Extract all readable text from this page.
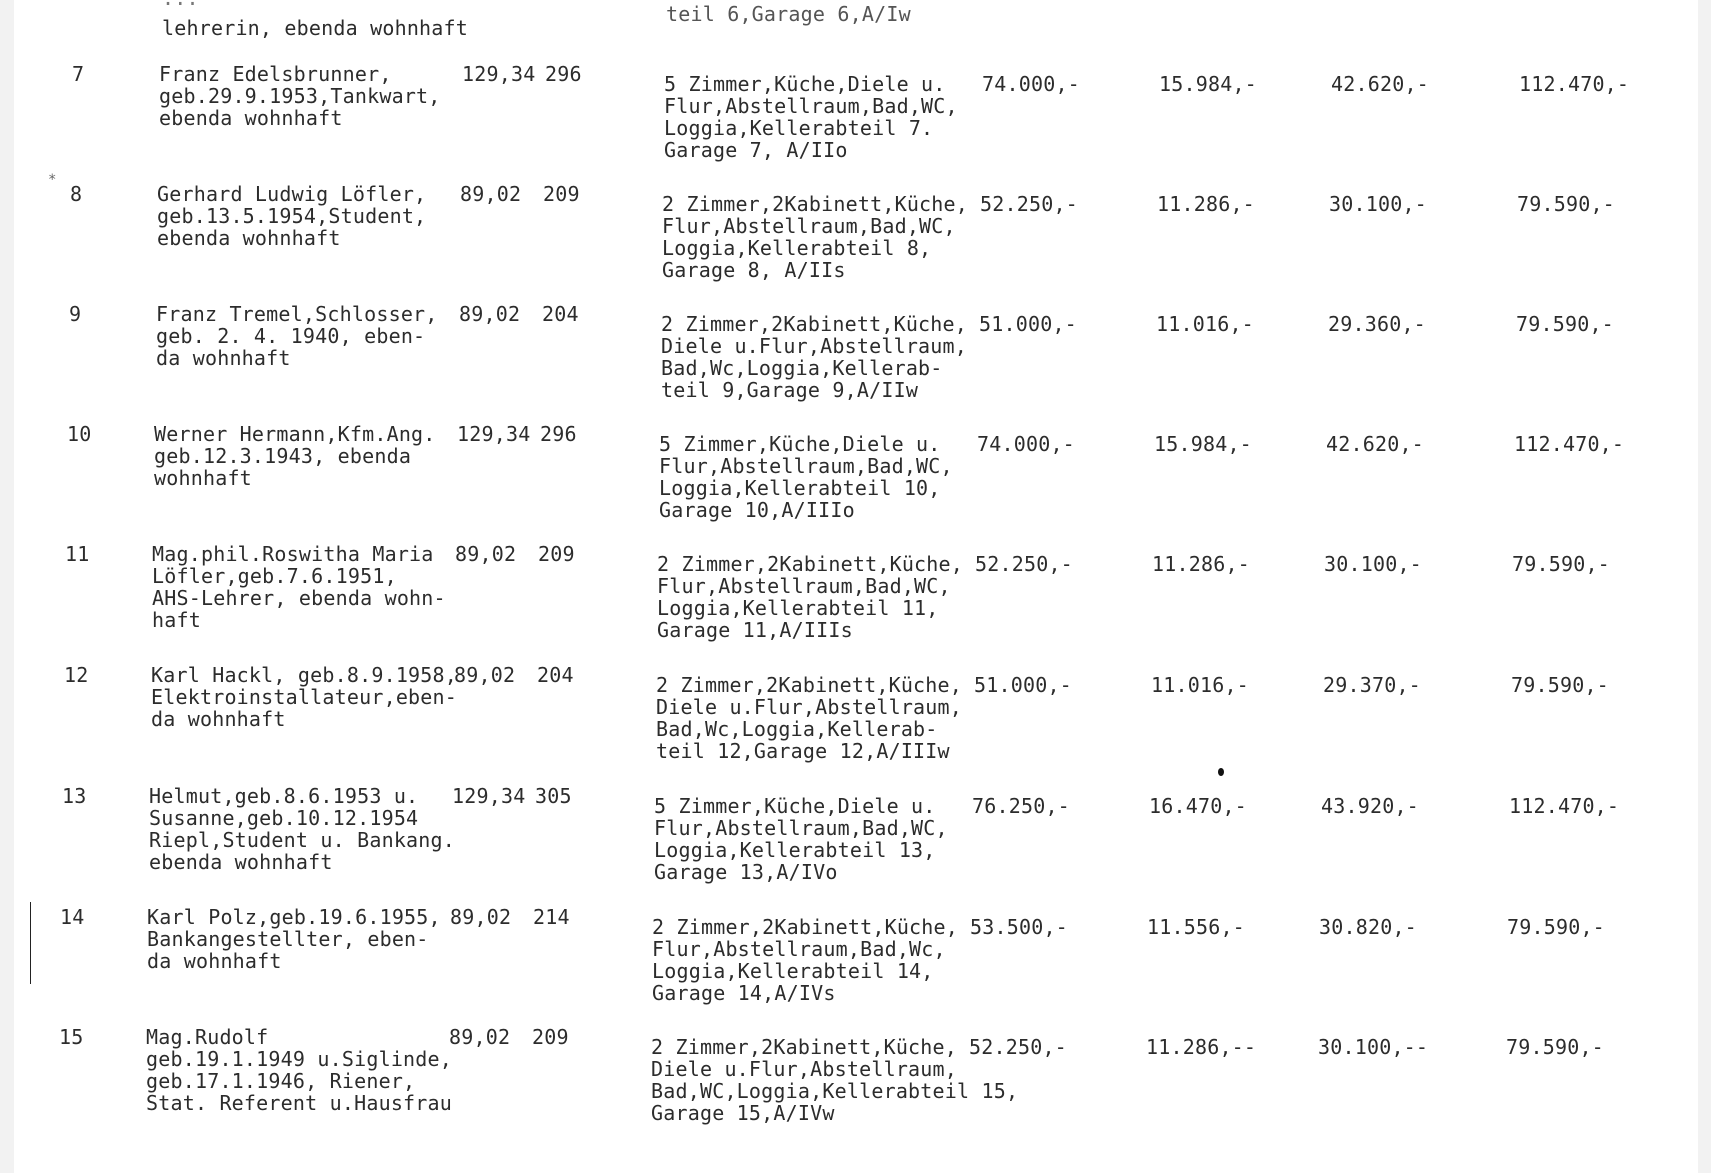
lehrerin, ebenda wohnhaft
teil 6,Garage 6,A/Iw
*
7	Franz Edelsbrunner,
geb.29.9.1953,Tankwart,
ebenda wohnhaft
129,34 296	5 Zimmer,Küche,Diele u.
Flur,Abstellraum,Bad,WC,
Loggia,Kellerabteil 7.
Garage 7, A/IIo
74.000,-	15.984,-	42.620,-	112.470,-
8	Gerhard Ludwig Löfler,
geb.13.5.1954,Student,
ebenda wohnhaft
89,02 209	2 Zimmer,2Kabinett,Küche,
Flur,Abstellraum,Bad,WC,
Loggia,Kellerabteil 8,
Garage 8, A/IIs
52.250,-	11.286,-	30.100,-	79.590,-
9	Franz Tremel,Schlosser,
geb. 2. 4. 1940, eben-
da wohnhaft
89,02 204	2 Zimmer,2Kabinett,Küche,
Diele u.Flur,Abstellraum,
Bad,Wc,Loggia,Kellerab-
teil 9,Garage 9,A/IIw
51.000,-	11.016,-	29.360,-	79.590,-
10	Werner Hermann,Kfm.Ang.
geb.12.3.1943, ebenda
wohnhaft
129,34 296	5 Zimmer,Küche,Diele u.
Flur,Abstellraum,Bad,WC,
Loggia,Kellerabteil 10,
Garage 10,A/IIIo
74.000,-	15.984,-	42.620,-	112.470,-
11	Mag.phil.Roswitha Maria
Löfler,geb.7.6.1951,
AHS-Lehrer, ebenda wohn-
haft
89,02 209	2 Zimmer,2Kabinett,Küche,
Flur,Abstellraum,Bad,WC,
Loggia,Kellerabteil 11,
Garage 11,A/IIIs
52.250,-	11.286,-	30.100,-	79.590,-
12	Karl Hackl, geb.8.9.1958,
Elektroinstallateur,eben-
da wohnhaft
89,02 204	2 Zimmer,2Kabinett,Küche,
Diele u.Flur,Abstellraum,
Bad,Wc,Loggia,Kellerab-
teil 12,Garage 12,A/IIIw
51.000,-	11.016,-	29.370,-	79.590,-
13	Helmut,geb.8.6.1953 u.
Susanne,geb.10.12.1954
Riepl,Student u. Bankang.
ebenda wohnhaft
129,34 305	5 Zimmer,Küche,Diele u.
Flur,Abstellraum,Bad,WC,
Loggia,Kellerabteil 13,
Garage 13,A/IVo
76.250,-	16.470,-	43.920,-	112.470,-
14	Karl Polz,geb.19.6.1955,
Bankangestellter, eben-
da wohnhaft
89,02 214	2 Zimmer,2Kabinett,Küche,
Flur,Abstellraum,Bad,Wc,
Loggia,Kellerabteil 14,
Garage 14,A/IVs
53.500,-	11.556,-	30.820,-	79.590,-
15	Mag.Rudolf
geb.19.1.1949 u.Siglinde,
geb.17.1.1946, Riener,
Stat. Referent u.Hausfrau
89,02 209	2 Zimmer,2Kabinett,Küche,
Diele u.Flur,Abstellraum,
Bad,WC,Loggia,Kellerabteil 15,
Garage 15,A/IVw
52.250,-	11.286,--	30.100,--	79.590,-
